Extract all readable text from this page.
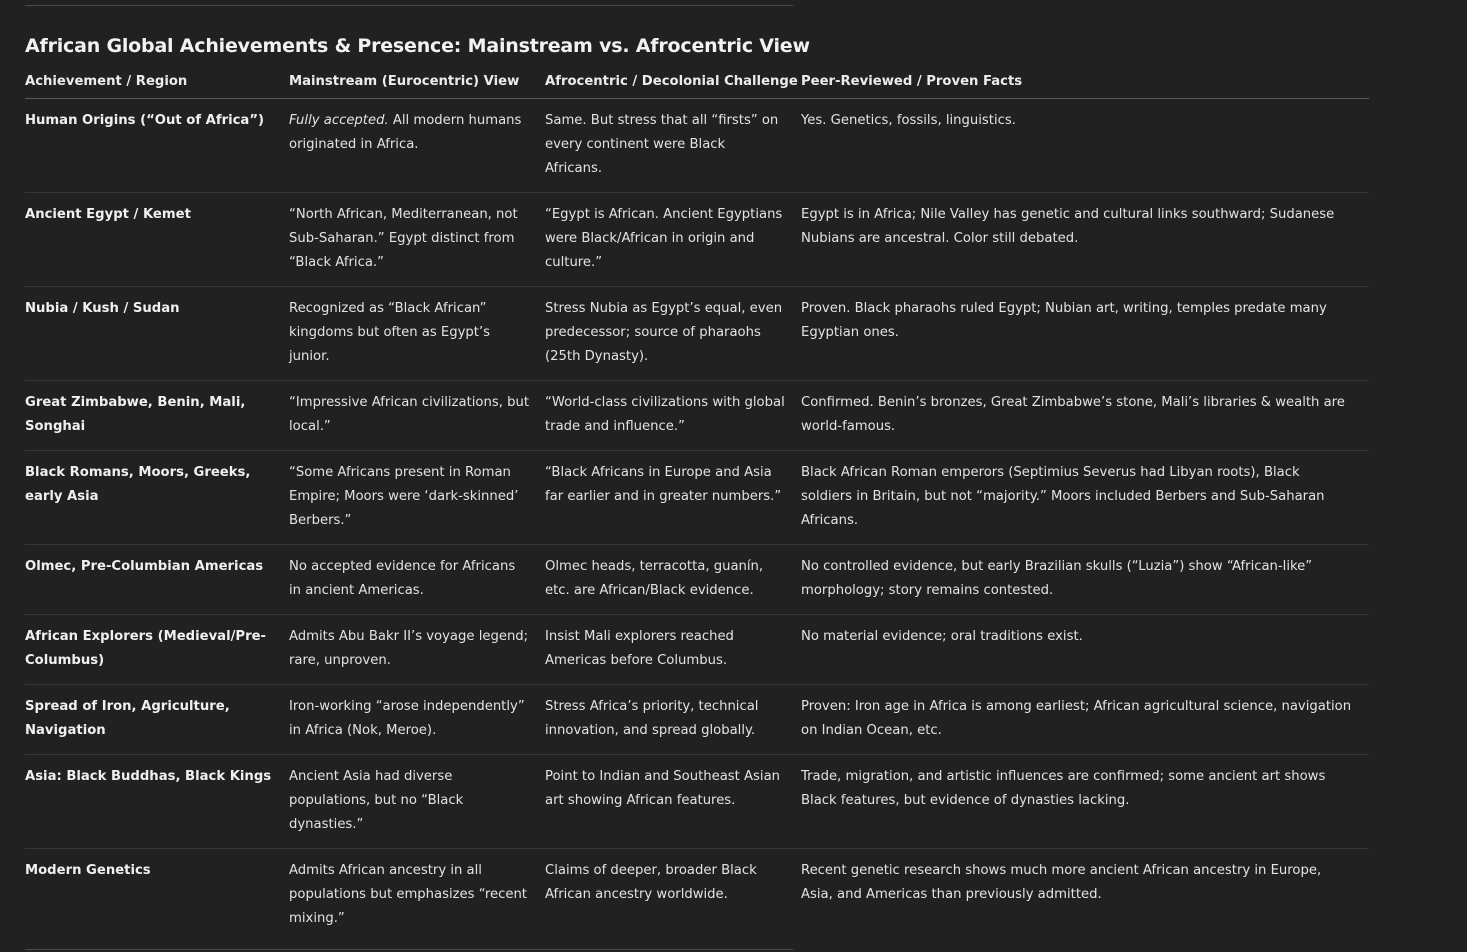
African Global Achievements & Presence: Mainstream vs. Afrocentric View
Achievement / Region	Mainstream (Eurocentric) View	Afrocentric / Decolonial Challenge	Peer-Reviewed / Proven Facts
Human Origins (“Out of Africa”)	Fully accepted. All modern humans originated in Africa.	Same. But stress that all “firsts” on every continent were Black Africans.	Yes. Genetics, fossils, linguistics.
Ancient Egypt / Kemet	“North African, Mediterranean, not Sub-Saharan.” Egypt distinct from “Black Africa.”	“Egypt is African. Ancient Egyptians were Black/African in origin and culture.”	Egypt is in Africa; Nile Valley has genetic and cultural links southward; Sudanese Nubians are ancestral. Color still debated.
Nubia / Kush / Sudan	Recognized as “Black African” kingdoms but often as Egypt’s junior.	Stress Nubia as Egypt’s equal, even predecessor; source of pharaohs (25th Dynasty).	Proven. Black pharaohs ruled Egypt; Nubian art, writing, temples predate many Egyptian ones.
Great Zimbabwe, Benin, Mali, Songhai	“Impressive African civilizations, but local.”	“World-class civilizations with global trade and influence.”	Confirmed. Benin’s bronzes, Great Zimbabwe’s stone, Mali’s libraries & wealth are world-famous.
Black Romans, Moors, Greeks, early Asia	“Some Africans present in Roman Empire; Moors were ‘dark-skinned’ Berbers.”	“Black Africans in Europe and Asia far earlier and in greater numbers.”	Black African Roman emperors (Septimius Severus had Libyan roots), Black soldiers in Britain, but not “majority.” Moors included Berbers and Sub-Saharan Africans.
Olmec, Pre-Columbian Americas	No accepted evidence for Africans in ancient Americas.	Olmec heads, terracotta, guanín, etc. are African/Black evidence.	No controlled evidence, but early Brazilian skulls (“Luzia”) show “African-like” morphology; story remains contested.
African Explorers (Medieval/Pre-Columbus)	Admits Abu Bakr II’s voyage legend; rare, unproven.	Insist Mali explorers reached Americas before Columbus.	No material evidence; oral traditions exist.
Spread of Iron, Agriculture, Navigation	Iron-working “arose independently” in Africa (Nok, Meroe).	Stress Africa’s priority, technical innovation, and spread globally.	Proven: Iron age in Africa is among earliest; African agricultural science, navigation on Indian Ocean, etc.
Asia: Black Buddhas, Black Kings	Ancient Asia had diverse populations, but no “Black dynasties.”	Point to Indian and Southeast Asian art showing African features.	Trade, migration, and artistic influences are confirmed; some ancient art shows Black features, but evidence of dynasties lacking.
Modern Genetics	Admits African ancestry in all populations but emphasizes “recent mixing.”	Claims of deeper, broader Black African ancestry worldwide.	Recent genetic research shows much more ancient African ancestry in Europe, Asia, and Americas than previously admitted.
